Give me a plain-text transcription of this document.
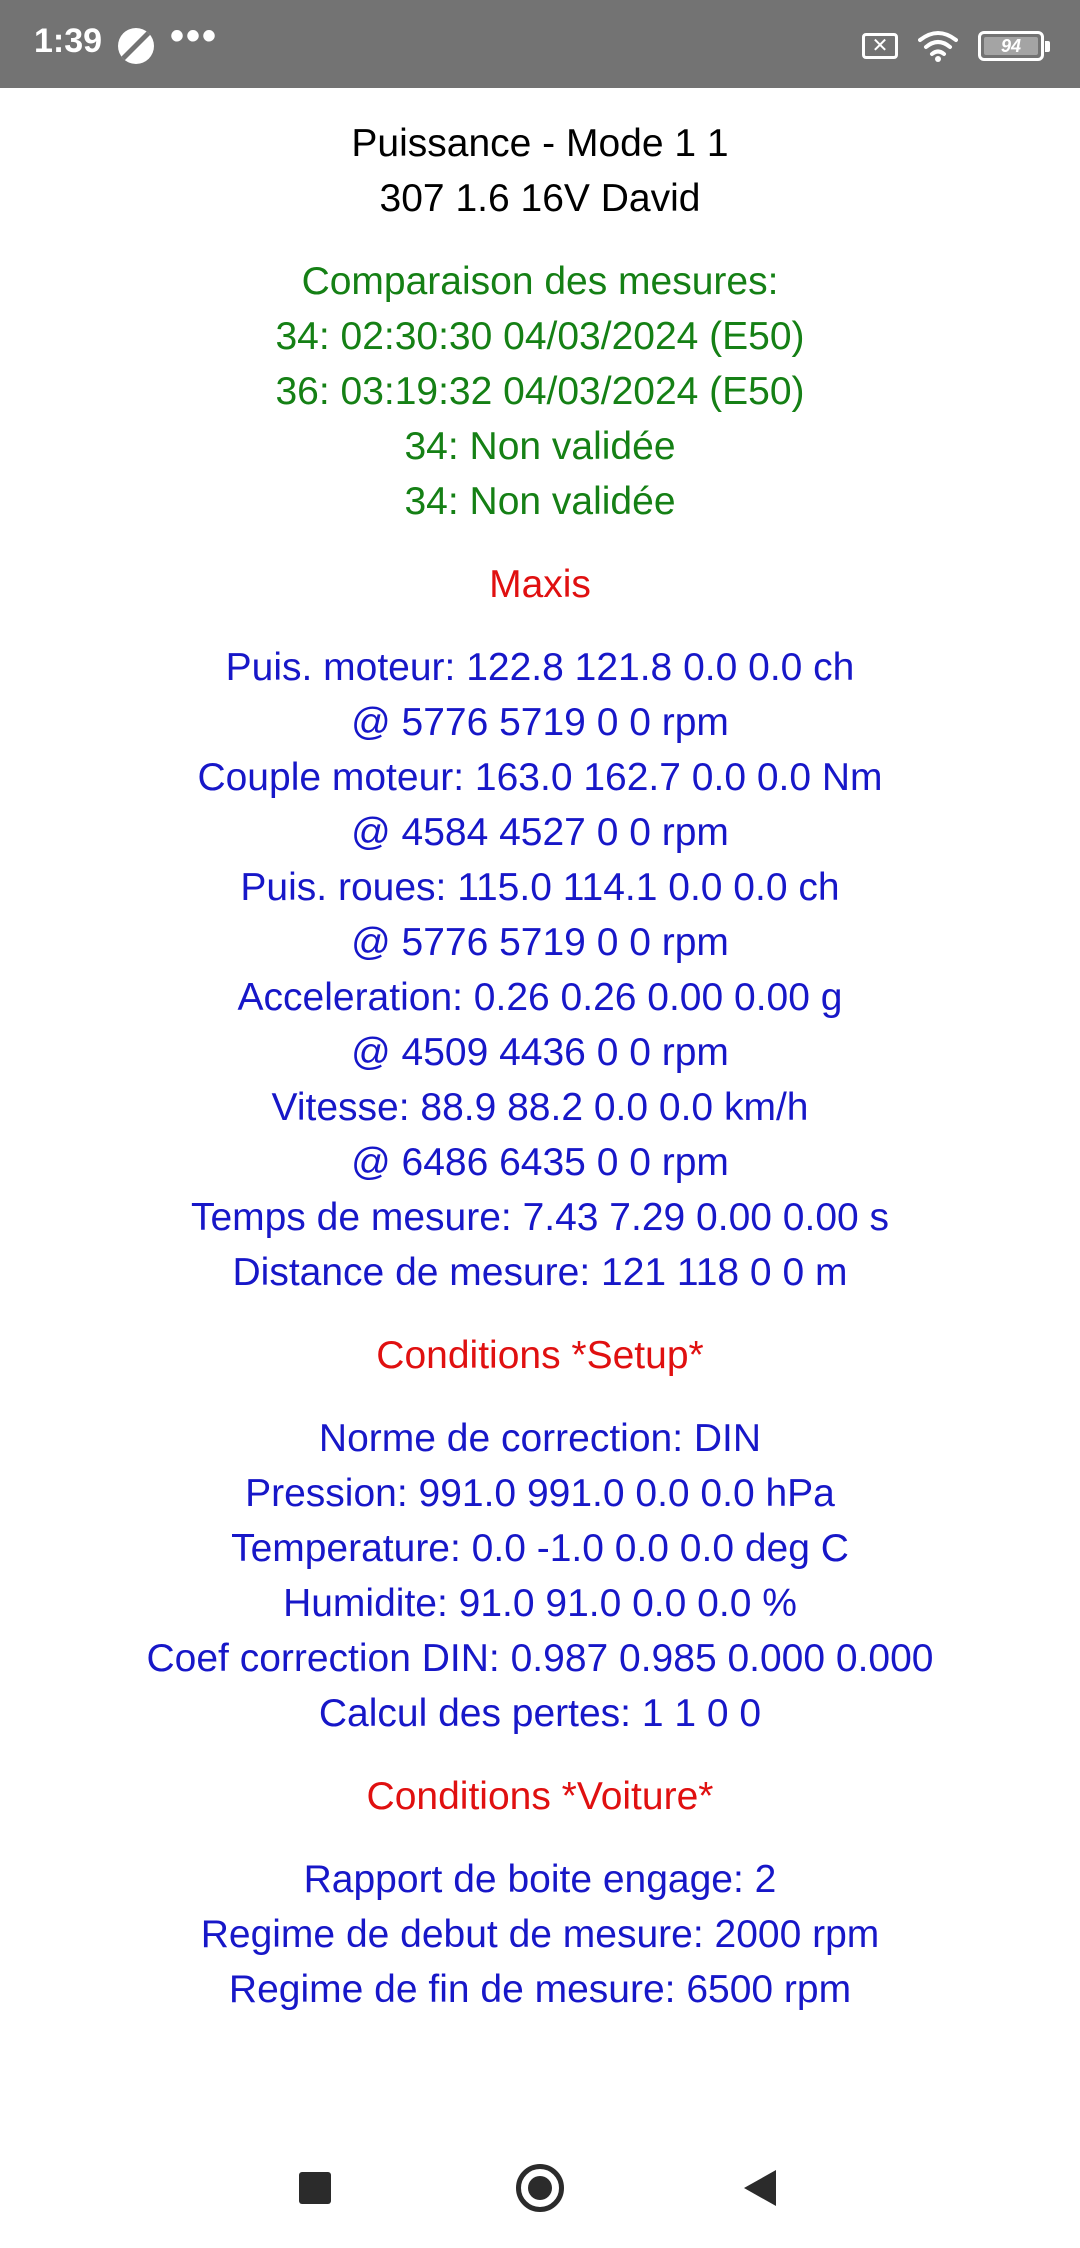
1:39 •••	✕	94
Puissance - Mode 1 1
307 1.6 16V David
Comparaison des mesures:
34: 02:30:30 04/03/2024 (E50)
36: 03:19:32 04/03/2024 (E50)
34: Non validée
34: Non validée
Maxis
Puis. moteur: 122.8 121.8 0.0 0.0 ch
@ 5776 5719 0 0 rpm
Couple moteur: 163.0 162.7 0.0 0.0 Nm
@ 4584 4527 0 0 rpm
Puis. roues: 115.0 114.1 0.0 0.0 ch
@ 5776 5719 0 0 rpm
Acceleration: 0.26 0.26 0.00 0.00 g
@ 4509 4436 0 0 rpm
Vitesse: 88.9 88.2 0.0 0.0 km/h
@ 6486 6435 0 0 rpm
Temps de mesure: 7.43 7.29 0.00 0.00 s
Distance de mesure: 121 118 0 0 m
Conditions *Setup*
Norme de correction: DIN
Pression: 991.0 991.0 0.0 0.0 hPa
Temperature: 0.0 -1.0 0.0 0.0 deg C
Humidite: 91.0 91.0 0.0 0.0 %
Coef correction DIN: 0.987 0.985 0.000 0.000
Calcul des pertes: 1 1 0 0
Conditions *Voiture*
Rapport de boite engage: 2
Regime de debut de mesure: 2000 rpm
Regime de fin de mesure: 6500 rpm
